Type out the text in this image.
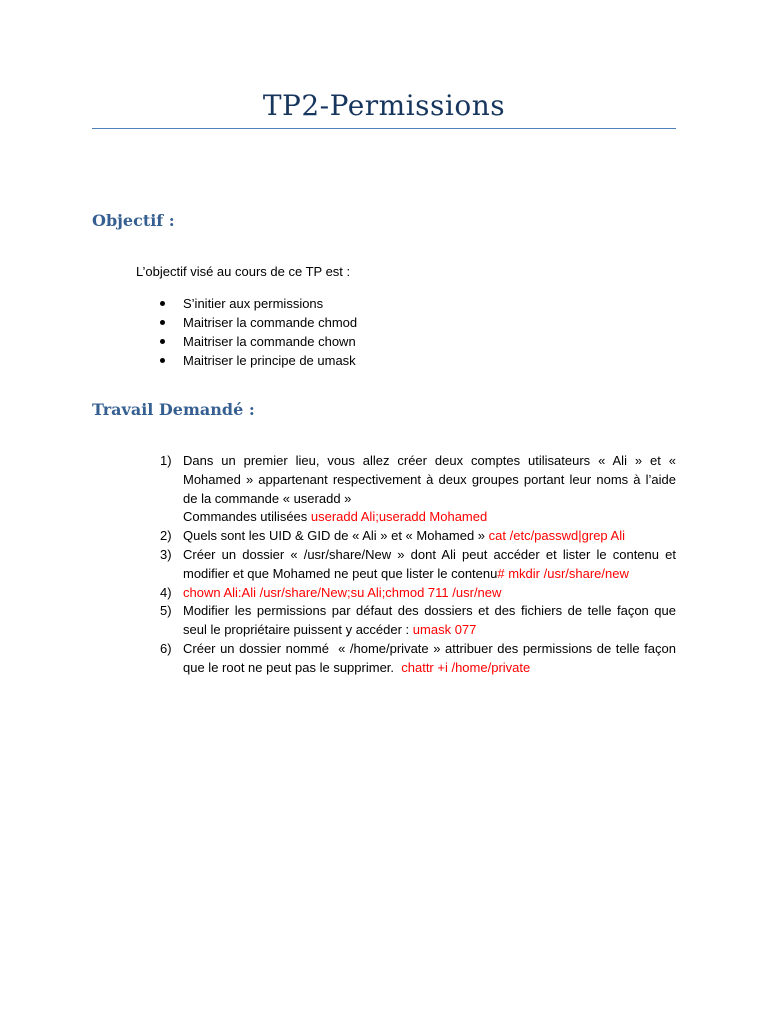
TP2-Permissions
Objectif :
L’objectif visé au cours de ce TP est :
S’initier aux permissions
Maitriser la commande chmod
Maitriser la commande chown
Maitriser le principe de umask
Travail Demandé :
1) Dans un premier lieu, vous allez créer deux comptes utilisateurs « Ali » et « Mohamed » appartenant respectivement à deux groupes portant leur noms à l’aide de la commande « useradd »
Commandes utilisées useradd Ali;useradd Mohamed
2) Quels sont les UID & GID de « Ali » et « Mohamed » cat /etc/passwd|grep Ali
3) Créer un dossier « /usr/share/New » dont Ali peut accéder et lister le contenu et modifier et que Mohamed ne peut que lister le contenu# mkdir /usr/share/new
4) chown Ali:Ali /usr/share/New;su Ali;chmod 711 /usr/new
5) Modifier les permissions par défaut des dossiers et des fichiers de telle façon que seul le propriétaire puissent y accéder : umask 077
6) Créer un dossier nommé  « /home/private » attribuer des permissions de telle façon que le root ne peut pas le supprimer.  chattr +i /home/private
